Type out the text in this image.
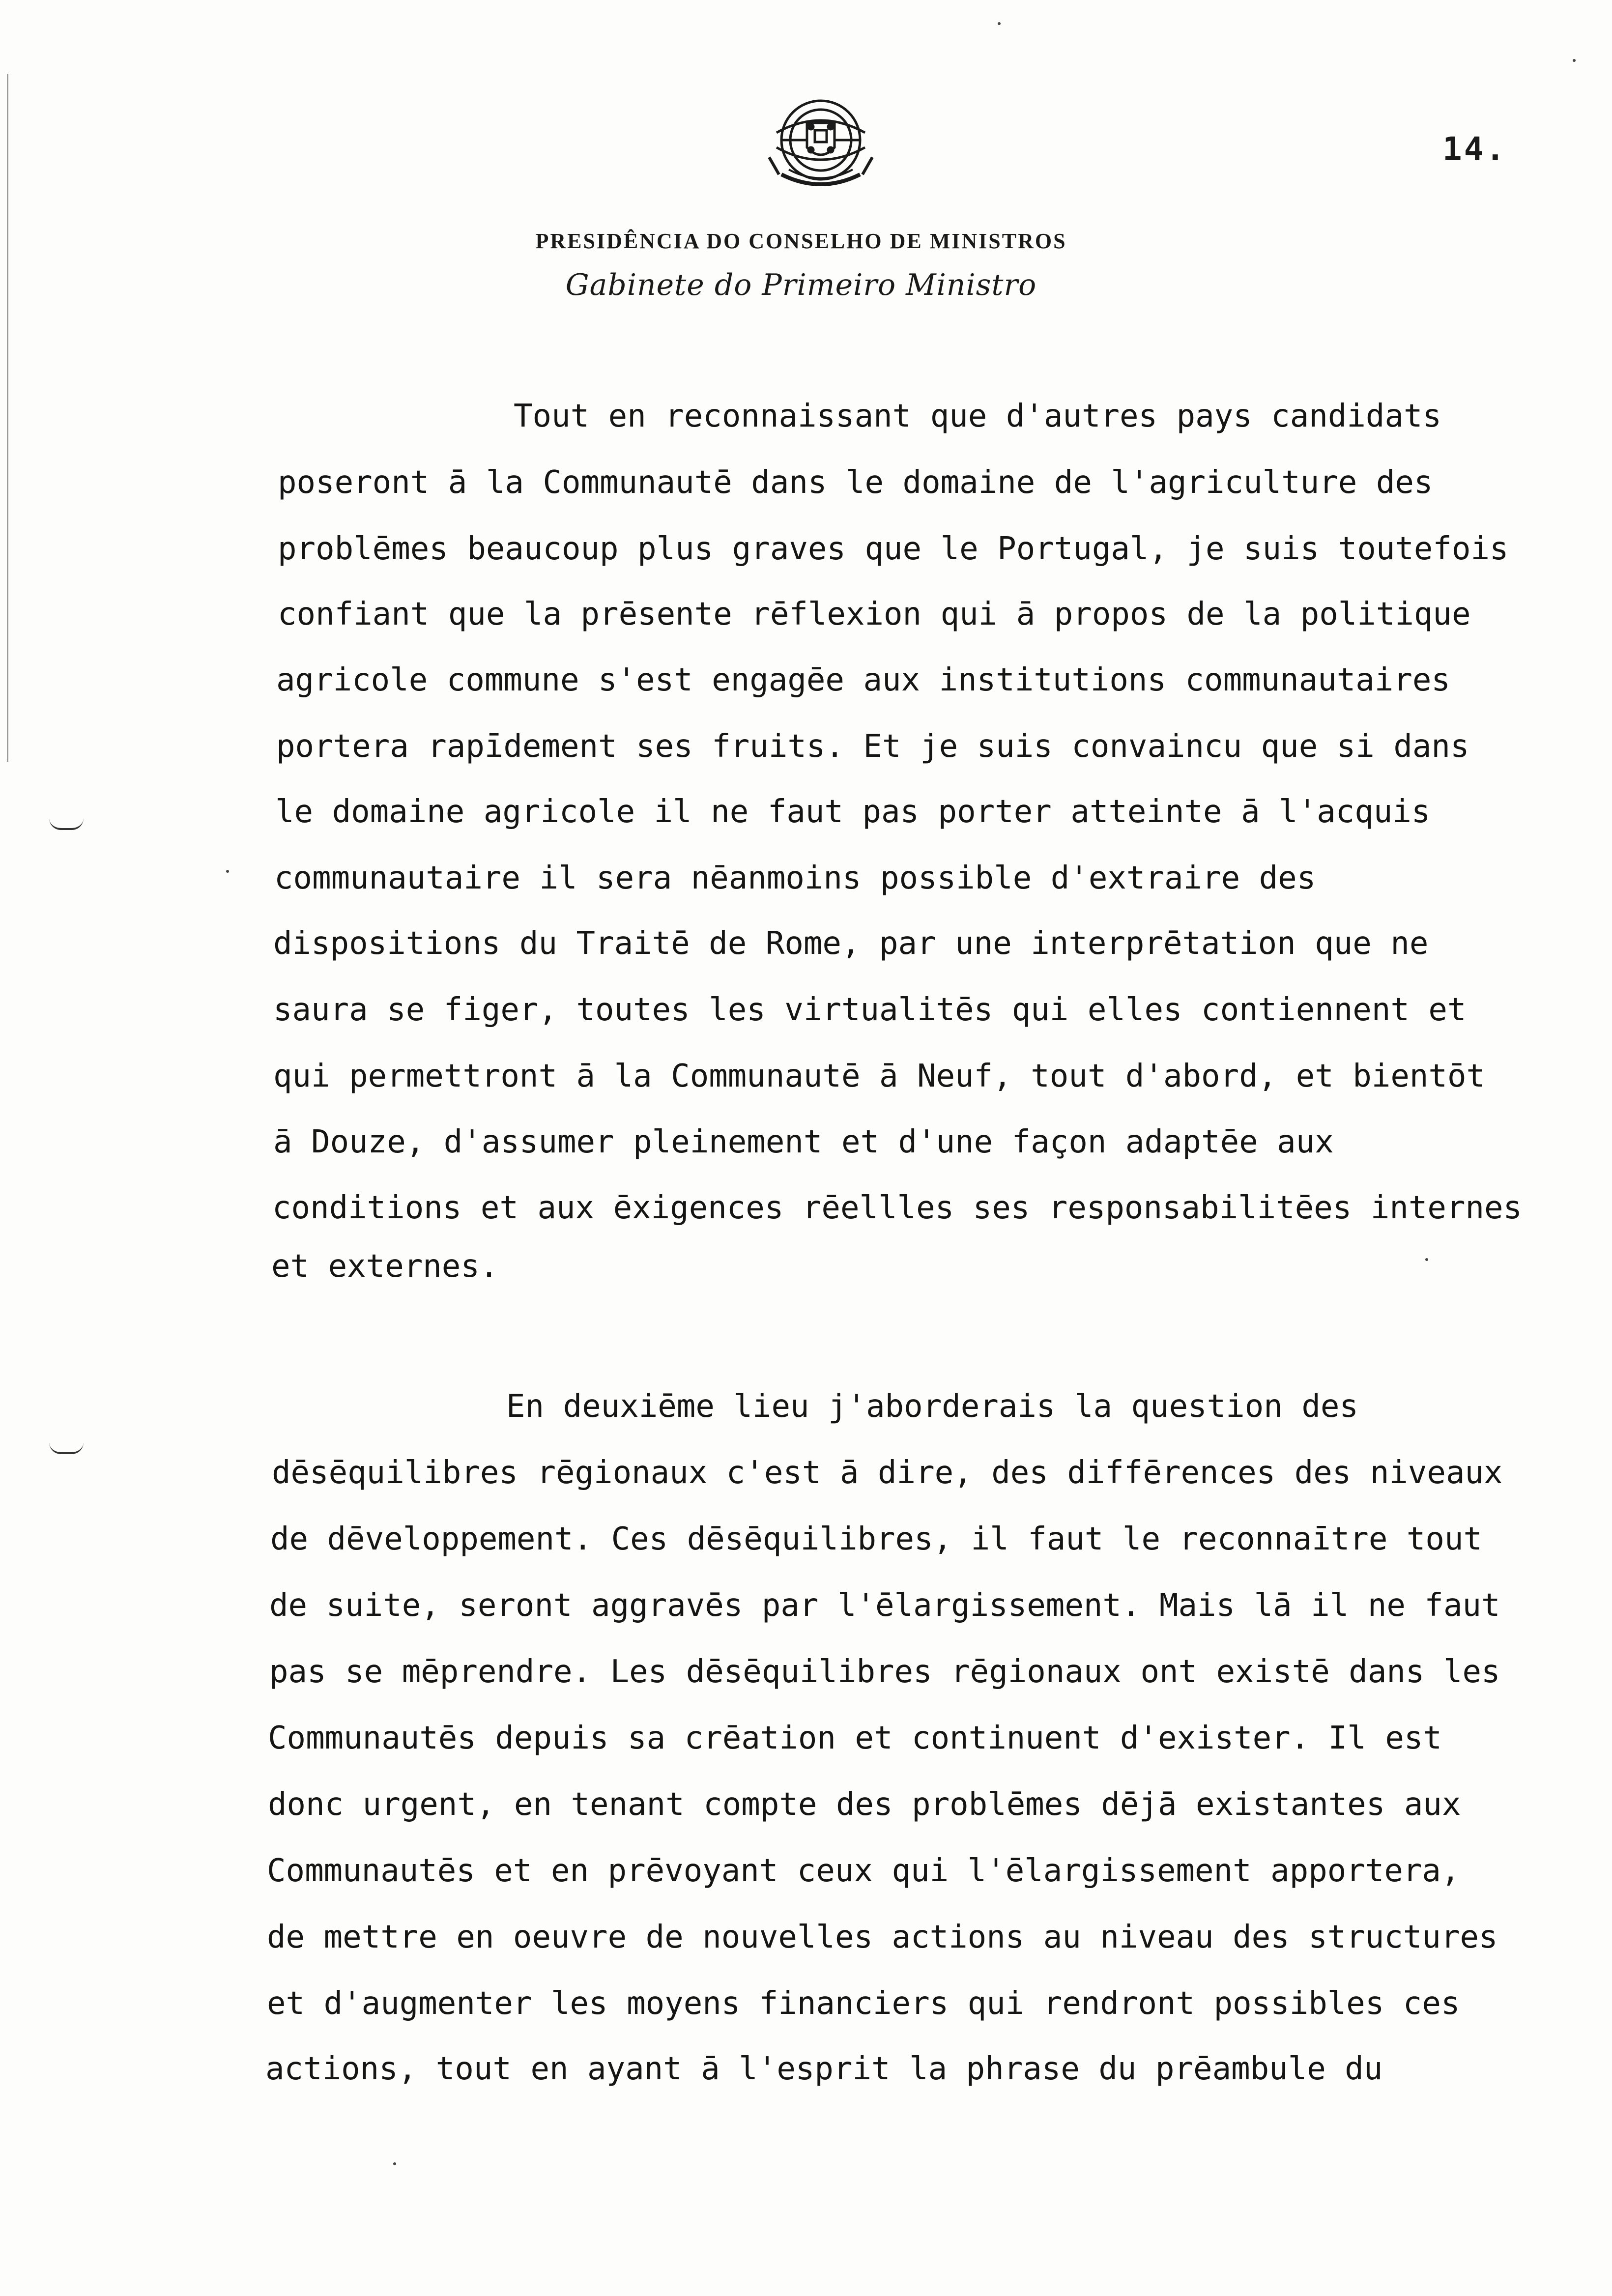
14.
PRESIDÊNCIA DO CONSELHO DE MINISTROS
Gabinete do Primeiro Ministro
Tout en reconnaissant que d'autres pays candidats
poseront ā la Communautē dans le domaine de l'agriculture des
problēmes beaucoup plus graves que le Portugal, je suis toutefois
confiant que la prēsente rēflexion qui ā propos de la politique
agricole commune s'est engagēe aux institutions communautaires
portera rapīdement ses fruits. Et je suis convaincu que si dans
le domaine agricole il ne faut pas porter atteinte ā l'acquis
communautaire il sera nēanmoins possible d'extraire des
dispositions du Traitē de Rome, par une interprētation que ne
saura se figer, toutes les virtualitēs qui elles contiennent et
qui permettront ā la Communautē ā Neuf, tout d'abord, et bientōt
ā Douze, d'assumer pleinement et d'une façon adaptēe aux
conditions et aux ēxigences rēellles ses responsabilitēes internes
et externes.
En deuxiēme lieu j'aborderais la question des
dēsēquilibres rēgionaux c'est ā dire, des diffērences des niveaux
de dēveloppement. Ces dēsēquilibres, il faut le reconnaītre tout
de suite, seront aggravēs par l'ēlargissement. Mais lā il ne faut
pas se mēprendre. Les dēsēquilibres rēgionaux ont existē dans les
Communautēs depuis sa crēation et continuent d'exister. Il est
donc urgent, en tenant compte des problēmes dējā existantes aux
Communautēs et en prēvoyant ceux qui l'ēlargissement apportera,
de mettre en oeuvre de nouvelles actions au niveau des structures
et d'augmenter les moyens financiers qui rendront possibles ces
actions, tout en ayant ā l'esprit la phrase du prēambule du
